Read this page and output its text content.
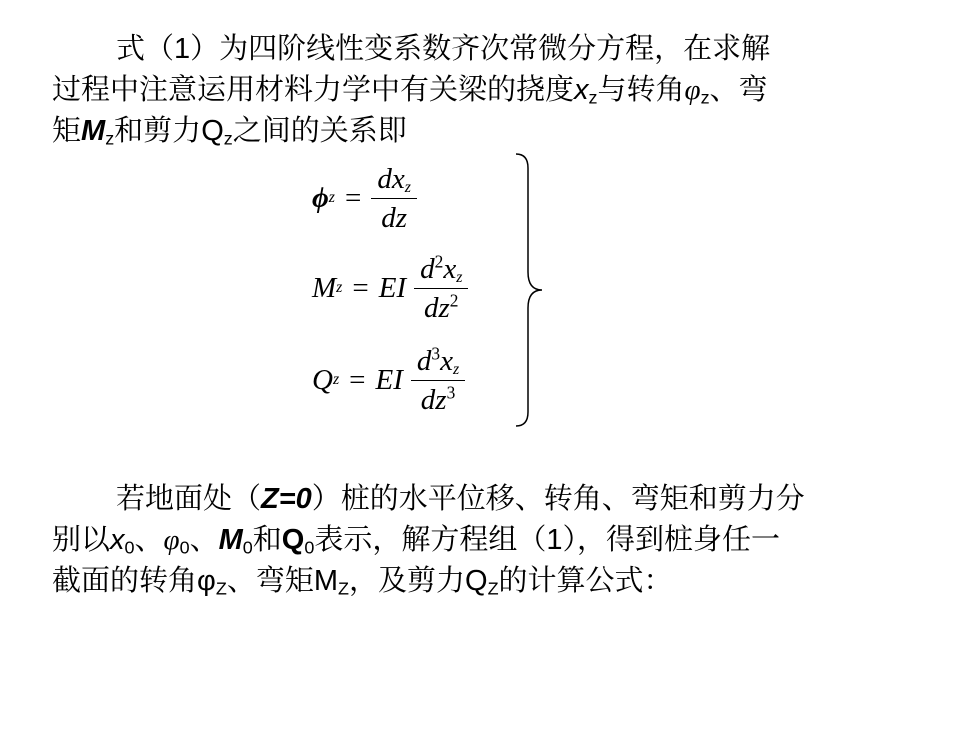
式（1）为四阶线性变系数齐次常微分方程，在求解
过程中注意运用材料力学中有关梁的挠度$x_z$与转角$\varphi_z$、弯
矩$M_z$和剪力$Q_z$之间的关系即

ϕ $z = \frac{dx_z}{dz}$
M z = EI $\frac{d^2x_z}{dz^2}$
Q z = EI $\frac{d^3x_z}{dz^3}$

若地面处（Z=0）桩的水平位移、转角、弯矩和剪力分
别以$x_0$、$\varphi_0$、$M_0$和$Q_0$表示，解方程组（1），得到桩身任一
截面的转角$\varphi_Z$、弯矩$M_Z$，及剪力$Q_Z$的计算公式：
